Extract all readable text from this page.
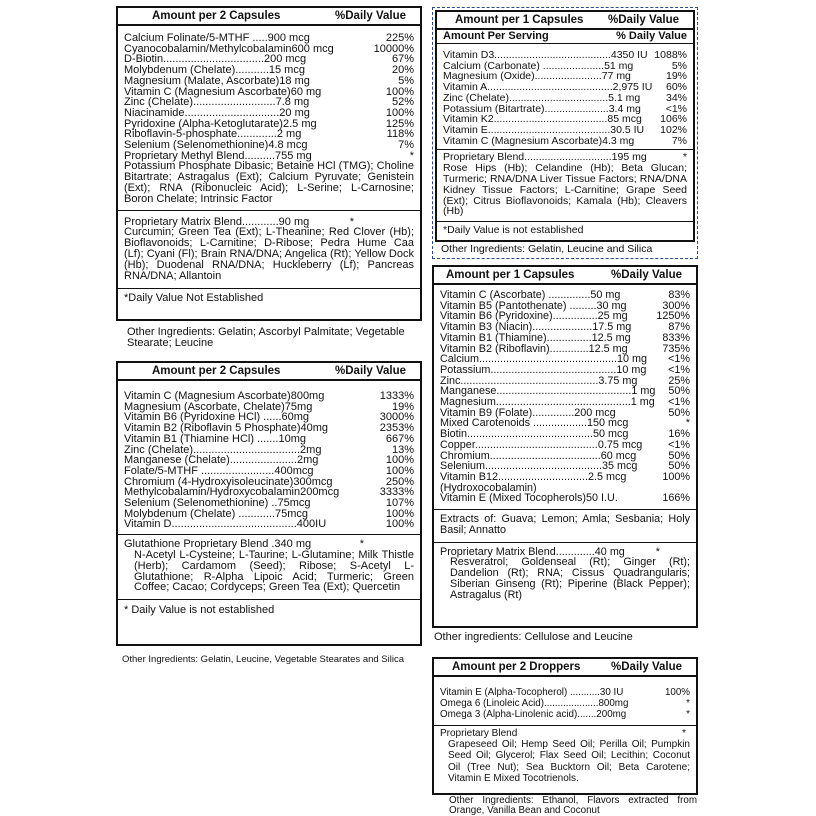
Amount per 2 Capsules	%Daily Value
Calcium Folinate/5-MTHF ..... 900 mcg	225%
Cyanocobalamin/Methylcobalamin 600 mcg	10000%
D-Biotin................................. 200 mcg	67%
Molybdenum (Chelate)........... 15 mcg	20%
Magnesium (Malate, Ascorbate) 18 mg	5%
Vitamin C (Magnesium Ascorbate) 60 mg	100%
Zinc (Chelate)........................... 7.8 mg	52%
Niacinamide............................... 20 mg	100%
Pyridoxine (Alpha-Ketoglutarate) 2.5 mg	125%
Riboflavin-5-phosphate............. 2 mg	118%
Selenium (Selenomethionine) 4.8 mcg	7%
Proprietary Methyl Blend.......... 755 mg	*
Potassium Phosphate Dibasic; Betaine HCl (TMG); Choline Bitartrate; Astragalus (Ext); Calcium Pyruvate; Genistein (Ext); RNA (Ribonucleic Acid); L-Serine; L-Carnosine; Boron Chelate; Intrinsic Factor
Proprietary Matrix Blend............90 mg	*
Curcumin; Green Tea (Ext); L-Theanine; Red Clover (Hb); Bioflavonoids; L-Carnitine; D-Ribose; Pedra Hume Caa (Lf); Cyani (Fl); Brain RNA/DNA; Angelica (Rt); Yellow Dock (Hb); Duodenal RNA/DNA; Huckleberry (Lf); Pancreas RNA/DNA; Allantoin
*Daily Value Not Established
Other Ingredients: Gelatin; Ascorbyl Palmitate; Vegetable Stearate; Leucine
Amount per 1 Capsules %Daily Value
Amount Per Serving	% Daily Value
Vitamin D3........................................ 4350 IU 1088%
Calcium (Carbonate) ..................... 51 mg	5%
Magnesium (Oxide)....................... 77 mg	19%
Vitamin A........................................... 2,975 IU	60%
Zinc (Chelate).................................. 5.1 mg	34%
Potassium (Bitartrate)...................... 3.4 mg	<1%
Vitamin K2....................................... 85 mcg	106%
Vitamin E.......................................... 30.5 IU	102%
Vitamin C (Magnesium Ascorbate) 4.3 mg	7%
Proprietary Blend..............................195 mg	*
Rose Hips (Hb); Celandine (Hb); Beta Glucan; Turmeric; RNA/DNA Liver Tissue Factors; RNA/DNA Kidney Tissue Factors; L-Carnitine; Grape Seed (Ext); Citrus Bioflavonoids; Kamala (Hb); Cleavers (Hb)
*Daily Value is not established
Other Ingredients: Gelatin, Leucine and Silica
Amount per 2 Capsules	%Daily Value
Vitamin C (Magnesium Ascorbate) 800mg	1333%
Magnesium (Ascorbate, Chelate) 75mg	19%
Vitamin B6 (Pyridoxine HCl) ...... 60mg	3000%
Vitamin B2 (Riboflavin 5 Phosphate) 40mg	2353%
Vitamin B1 (Thiamine HCl) ....... 10mg	667%
Zinc (Chelate)................................... 2mg	13%
Manganese (Chelate)...................... 2mg	100%
Folate/5-MTHF ........................ 400mcg	100%
Chromium (4-Hydroxyisoleucinate) 300mcg	250%
Methylcobalamin/Hydroxycobalamin 200mcg	3333%
Selenium (Selenomethionine) .. 75mcg	107%
Molybdenum (Chelate) ............ 75mcg	100%
Vitamin D......................................... 400IU	100%
Glutathione Proprietary Blend .340 mg	*
N-Acetyl L-Cysteine; L-Taurine; L-Glutamine; Milk Thistle (Herb); Cardamom (Seed); Ribose; S-Acetyl L-Glutathione; R-Alpha Lipoic Acid; Turmeric; Green Coffee; Cacao; Cordyceps; Green Tea (Ext); Quercetin
* Daily Value is not established
Other Ingredients: Gelatin, Leucine, Vegetable Stearates and Silica
Amount per 1 Capsules	%Daily Value
Vitamin C (Ascorbate) .............. 50 mg	83%
Vitamin B5 (Pantothenate) ......... 30 mg	300%
Vitamin B6 (Pyridoxine)............... 25 mg	1250%
Vitamin B3 (Niacin).................... 17.5 mg	87%
Vitamin B1 (Thiamine)............... 12.5 mg	833%
Vitamin B2 (Riboflavin)............. 12.5 mg	735%
Calcium.............................................. 10 mg	<1%
Potassium.......................................... 10 mg	<1%
Zinc.............................................. 3.75 mg	25%
Manganese............................................. 1 mg	50%
Magnesium............................................. 1 mg	<1%
Vitamin B9 (Folate).............. 200 mcg	50%
Mixed Carotenoids .................. 150 mcg	*
Biotin.......................................... 50 mcg	16%
Copper......................................... 0.75 mcg	<1%
Chromium..................................... 60 mcg	50%
Selenium....................................... 35 mcg	50%
Vitamin B12.............................. 2.5 mcg	100%
(Hydroxocobalamin)
Vitamin E (Mixed Tocopherols) 50 I.U.	166%
Extracts of: Guava; Lemon; Amla; Sesbania; Holy Basil; Annatto
Proprietary Matrix Blend.............40 mg	*
Resveratrol; Goldenseal (Rt); Ginger (Rt); Dandelion (Rt); RNA; Cissus Quadrangularis; Siberian Ginseng (Rt); Piperine (Black Pepper); Astragalus (Rt)
Other ingredients: Cellulose and Leucine
Amount per 2 Droppers	%Daily Value
Vitamin E (Alpha-Tocopherol) ........... 30 IU	100%
Omega 6 (Linoleic Acid).................... 800mg	*
Omega 3 (Alpha-Linolenic acid)....... 200mg	*
Proprietary Blend	*
Grapeseed Oil; Hemp Seed Oil; Perilla Oil; Pumpkin Seed Oil; Glycerol; Flax Seed Oil; Lecithin; Coconut Oil (Tree Nut); Sea Bucktorn Oil; Beta Carotene; Vitamin E Mixed Tocotrienols.
Other Ingredients: Ethanol, Flavors extracted from Orange, Vanilla Bean and Coconut
